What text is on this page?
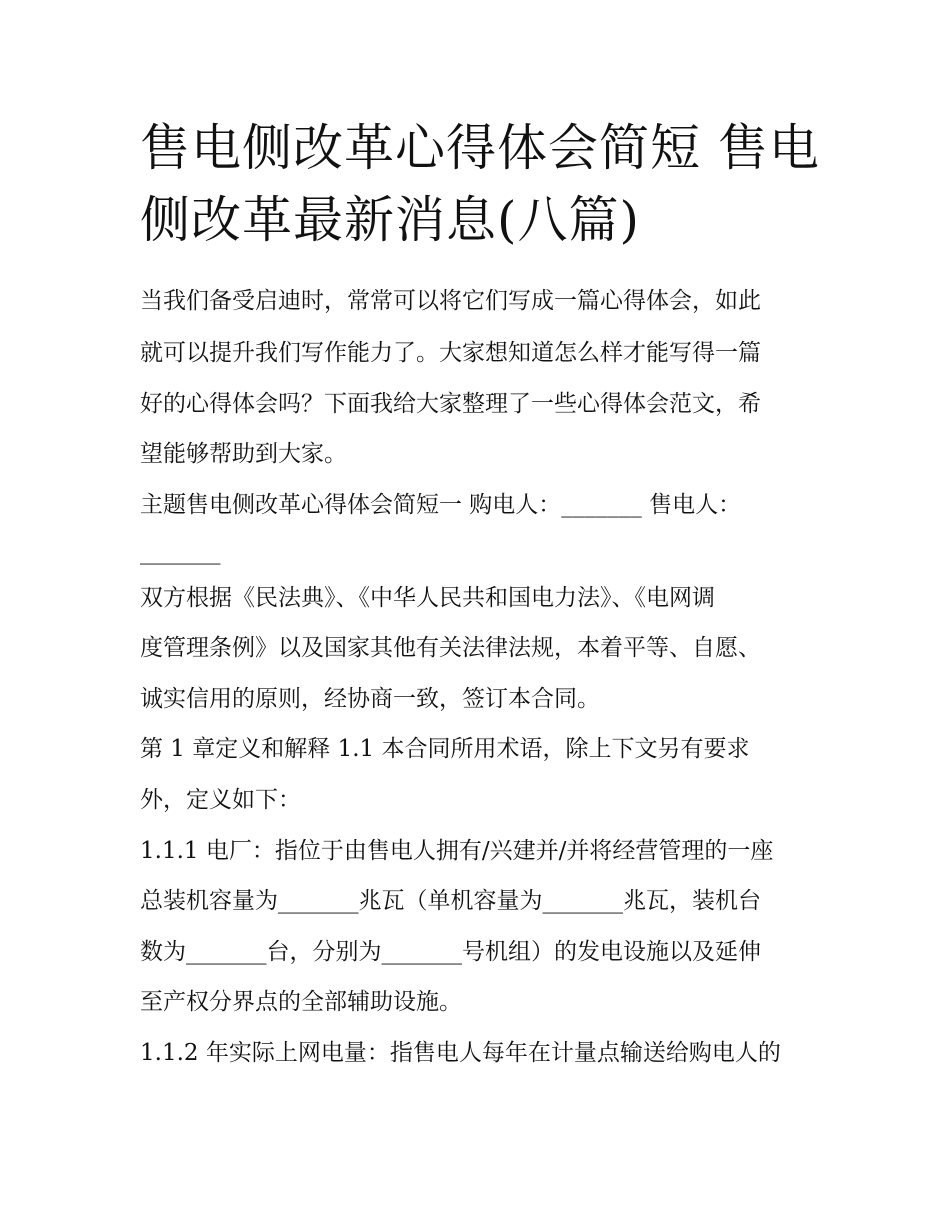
售电侧改革心得体会简短 售电
侧改革最新消息(八篇)

当我们备受启迪时，常常可以将它们写成一篇心得体会，如此

就可以提升我们写作能力了。大家想知道怎么样才能写得一篇

好的心得体会吗？下面我给大家整理了一些心得体会范文，希

望能够帮助到大家。

主题售电侧改革心得体会简短一 购电人：_______ 售电人：

_______

双方根据《民法典》、《中华人民共和国电力法》、《电网调

度管理条例》以及国家其他有关法律法规，本着平等、自愿、

诚实信用的原则，经协商一致，签订本合同。

第 1 章定义和解释 1.1 本合同所用术语，除上下文另有要求

外，定义如下：

1.1.1 电厂：指位于由售电人拥有/兴建并/并将经营管理的一座

总装机容量为_______兆瓦（单机容量为_______兆瓦，装机台

数为_______台，分别为_______号机组）的发电设施以及延伸

至产权分界点的全部辅助设施。

1.1.2 年实际上网电量：指售电人每年在计量点输送给购电人的
